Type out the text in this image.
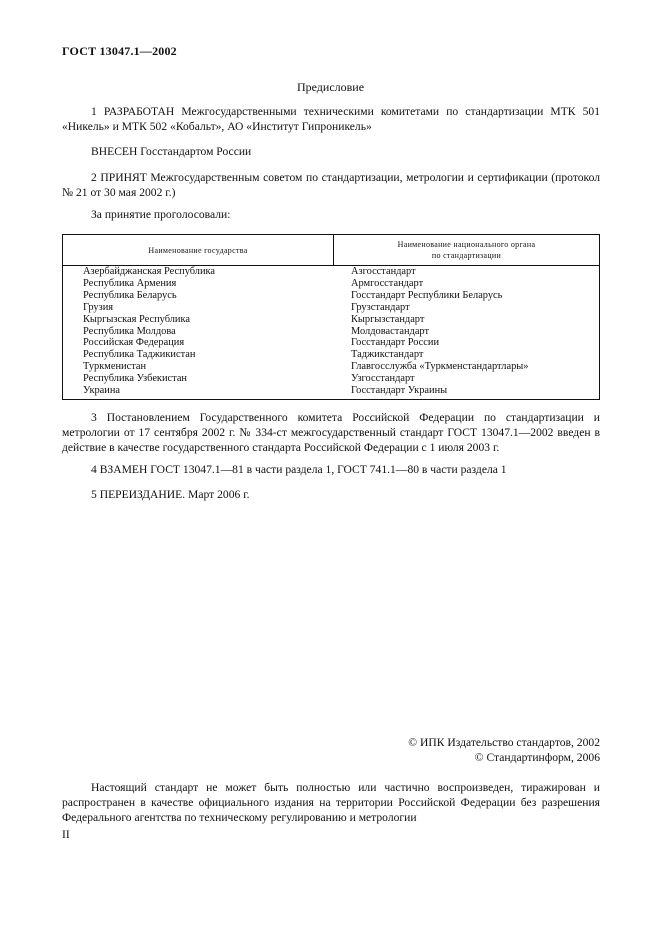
ГОСТ 13047.1—2002
Предисловие

1 РАЗРАБОТАН Межгосударственными техническими комитетами по стандартизации МТК 501 «Никель» и МТК 502 «Кобальт», АО «Институт Гипроникель»

ВНЕСЕН Госстандартом России

2 ПРИНЯТ Межгосударственным советом по стандартизации, метрологии и сертификации (протокол № 21 от 30 мая 2002 г.)

За принятие проголосовали:

Наименование государства
Наименование национального органа
по стандартизации
Азербайджанская Республика
Республика Армения
Республика Беларусь
Грузия
Кыргызская Республика
Республика Молдова
Российская Федерация
Республика Таджикистан
Туркменистан
Республика Узбекистан
Украина
Азгосстандарт
Армгосстандарт
Госстандарт Республики Беларусь
Грузстандарт
Кыргызстандарт
Молдовастандарт
Госстандарт России
Таджикстандарт
Главгосслужба «Туркменстандартлары»
Узгосстандарт
Госстандарт Украины

3 Постановлением Государственного комитета Российской Федерации по стандартизации и метрологии от 17 сентября 2002 г. № 334-ст межгосударственный стандарт ГОСТ 13047.1—2002 введен в действие в качестве государственного стандарта Российской Федерации с 1 июля 2003 г.

4 ВЗАМЕН ГОСТ 13047.1—81 в части раздела 1, ГОСТ 741.1—80 в части раздела 1

5 ПЕРЕИЗДАНИЕ. Март 2006 г.

© ИПК Издательство стандартов, 2002
© Стандартинформ, 2006

Настоящий стандарт не может быть полностью или частично воспроизведен, тиражирован и распространен в качестве официального издания на территории Российской Федерации без разрешения Федерального агентства по техническому регулированию и метрологии

II
